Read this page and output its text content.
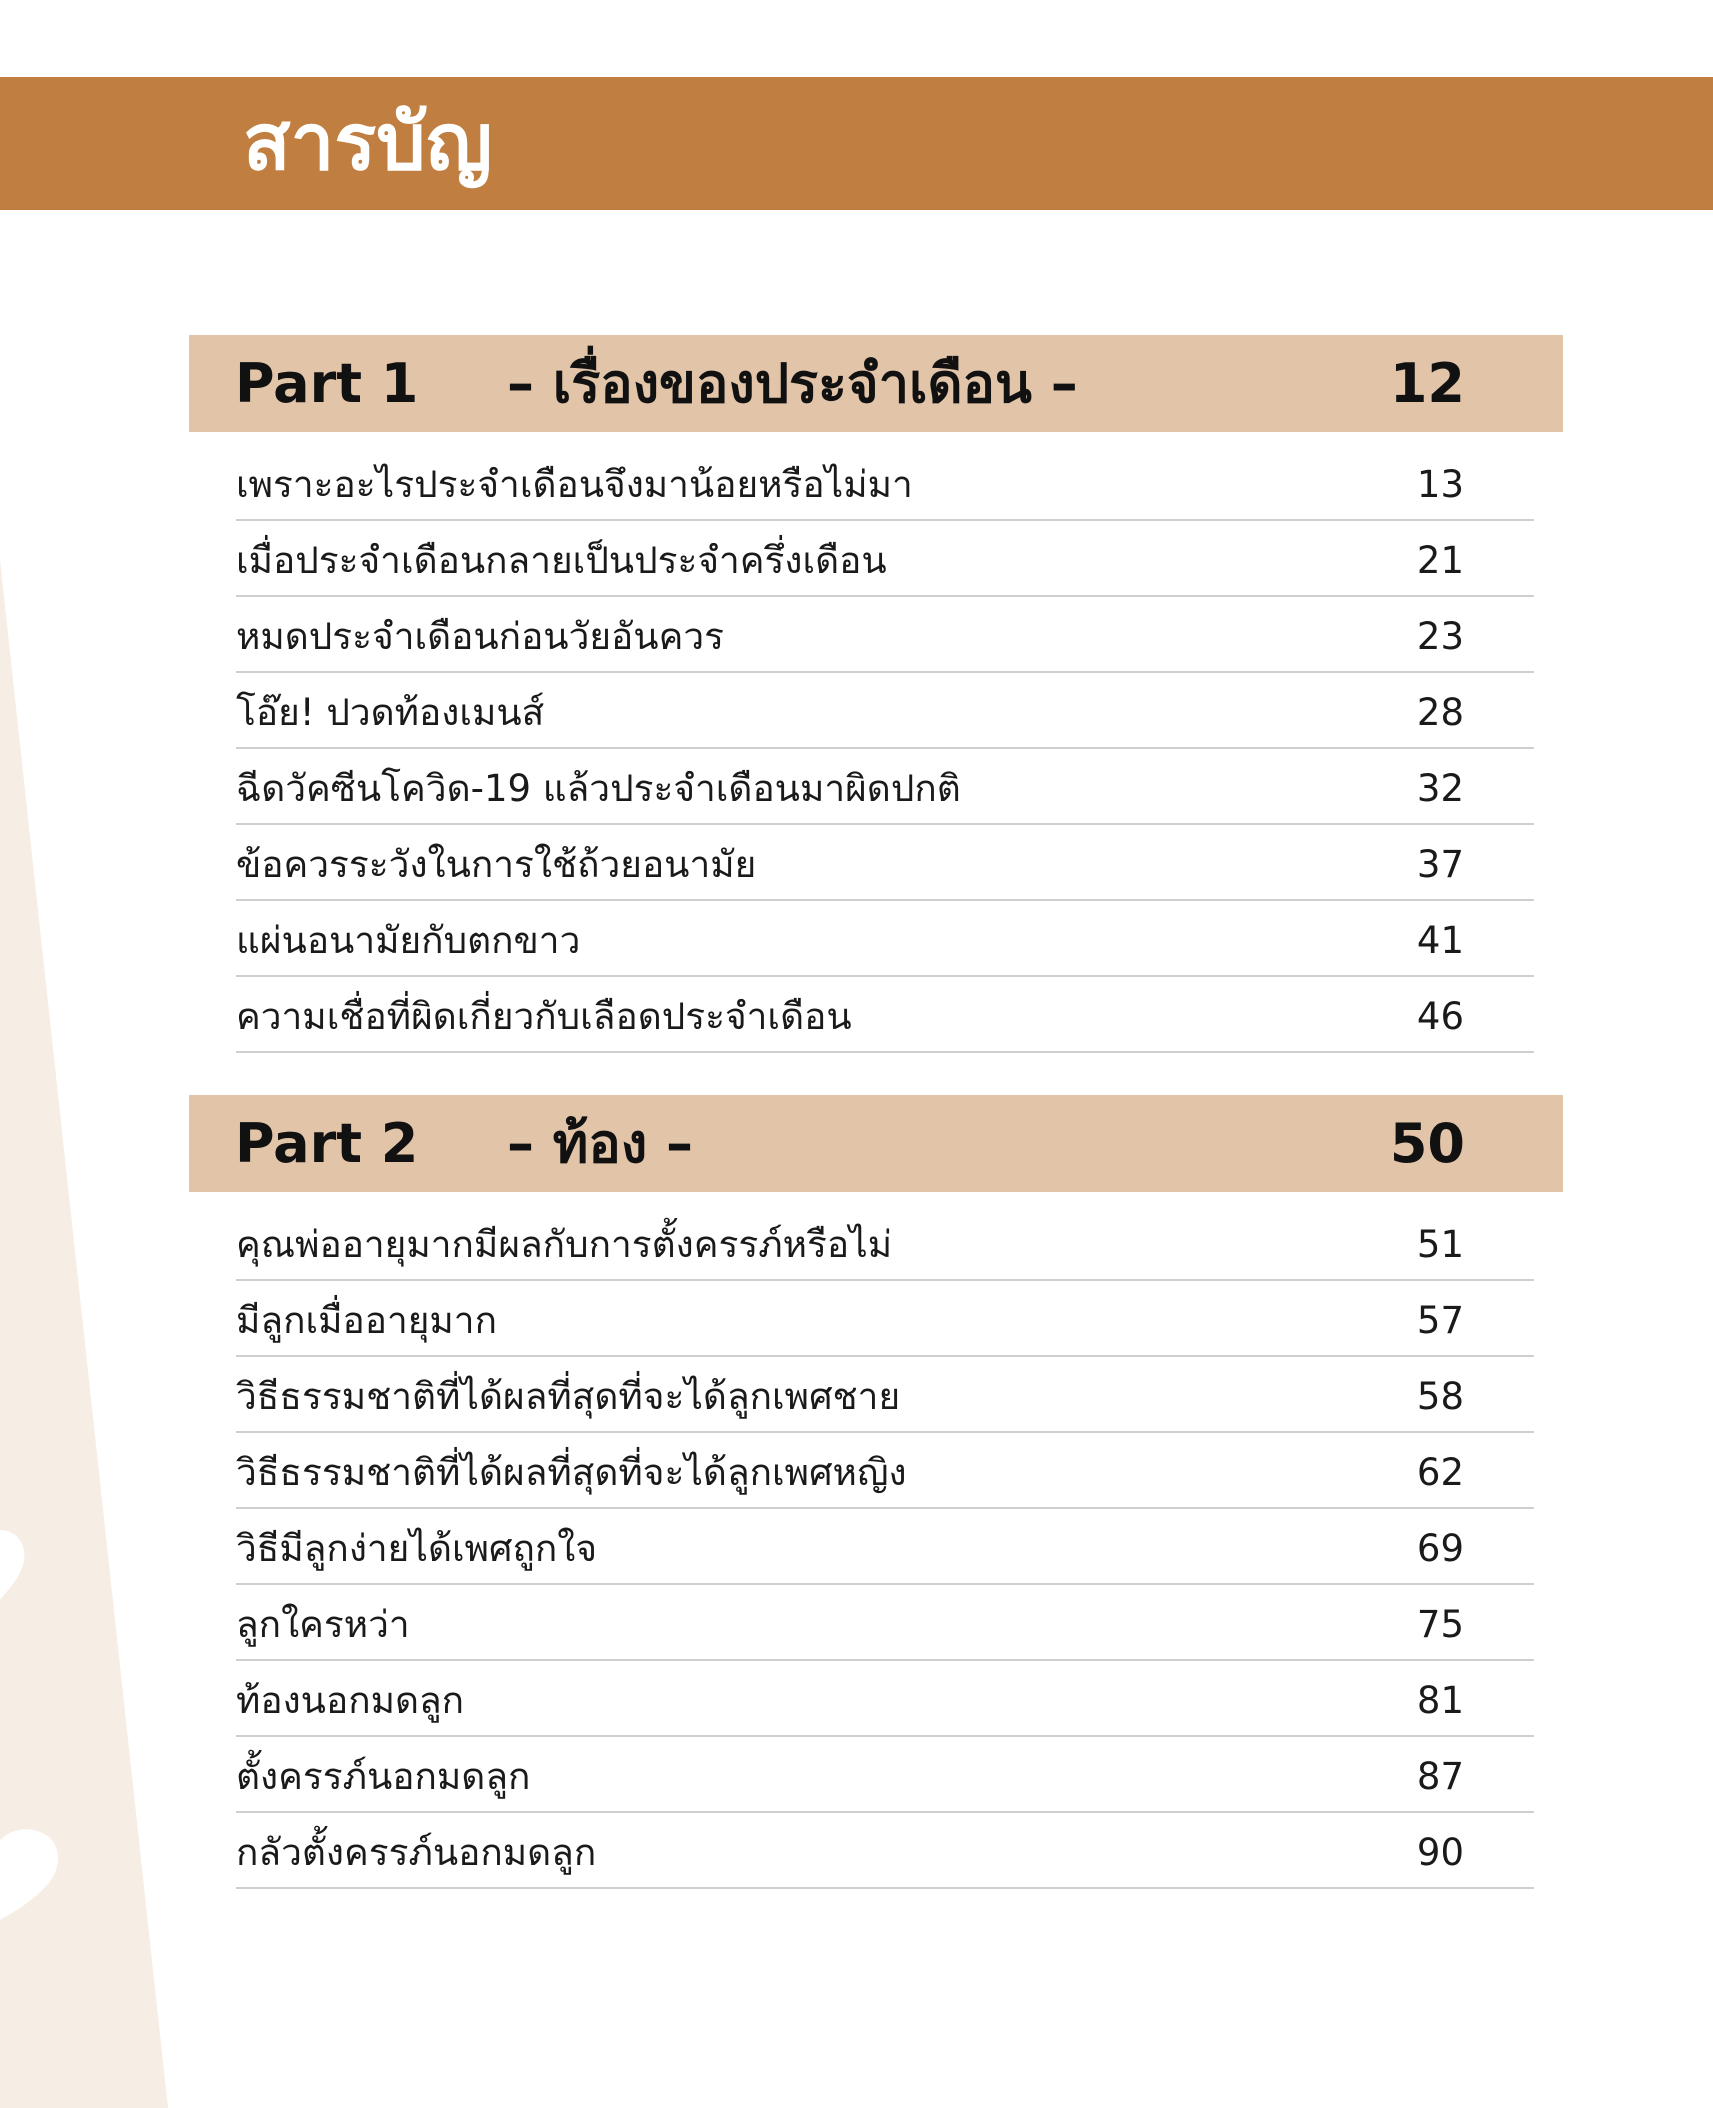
สารบัญ
Part 1 – เรื่องของประจำเดือน –	12
เพราะอะไรประจำเดือนจึงมาน้อยหรือไม่มา	13
เมื่อประจำเดือนกลายเป็นประจำครึ่งเดือน	21
หมดประจำเดือนก่อนวัยอันควร	23
โอ๊ย! ปวดท้องเมนส์	28
ฉีดวัคซีนโควิด-19 แล้วประจำเดือนมาผิดปกติ	32
ข้อควรระวังในการใช้ถ้วยอนามัย	37
แผ่นอนามัยกับตกขาว	41
ความเชื่อที่ผิดเกี่ยวกับเลือดประจำเดือน	46
Part 2 – ท้อง –	50
คุณพ่ออายุมากมีผลกับการตั้งครรภ์หรือไม่	51
มีลูกเมื่ออายุมาก	57
วิธีธรรมชาติที่ได้ผลที่สุดที่จะได้ลูกเพศชาย	58
วิธีธรรมชาติที่ได้ผลที่สุดที่จะได้ลูกเพศหญิง	62
วิธีมีลูกง่ายได้เพศถูกใจ	69
ลูกใครหว่า	75
ท้องนอกมดลูก	81
ตั้งครรภ์นอกมดลูก	87
กลัวตั้งครรภ์นอกมดลูก	90
